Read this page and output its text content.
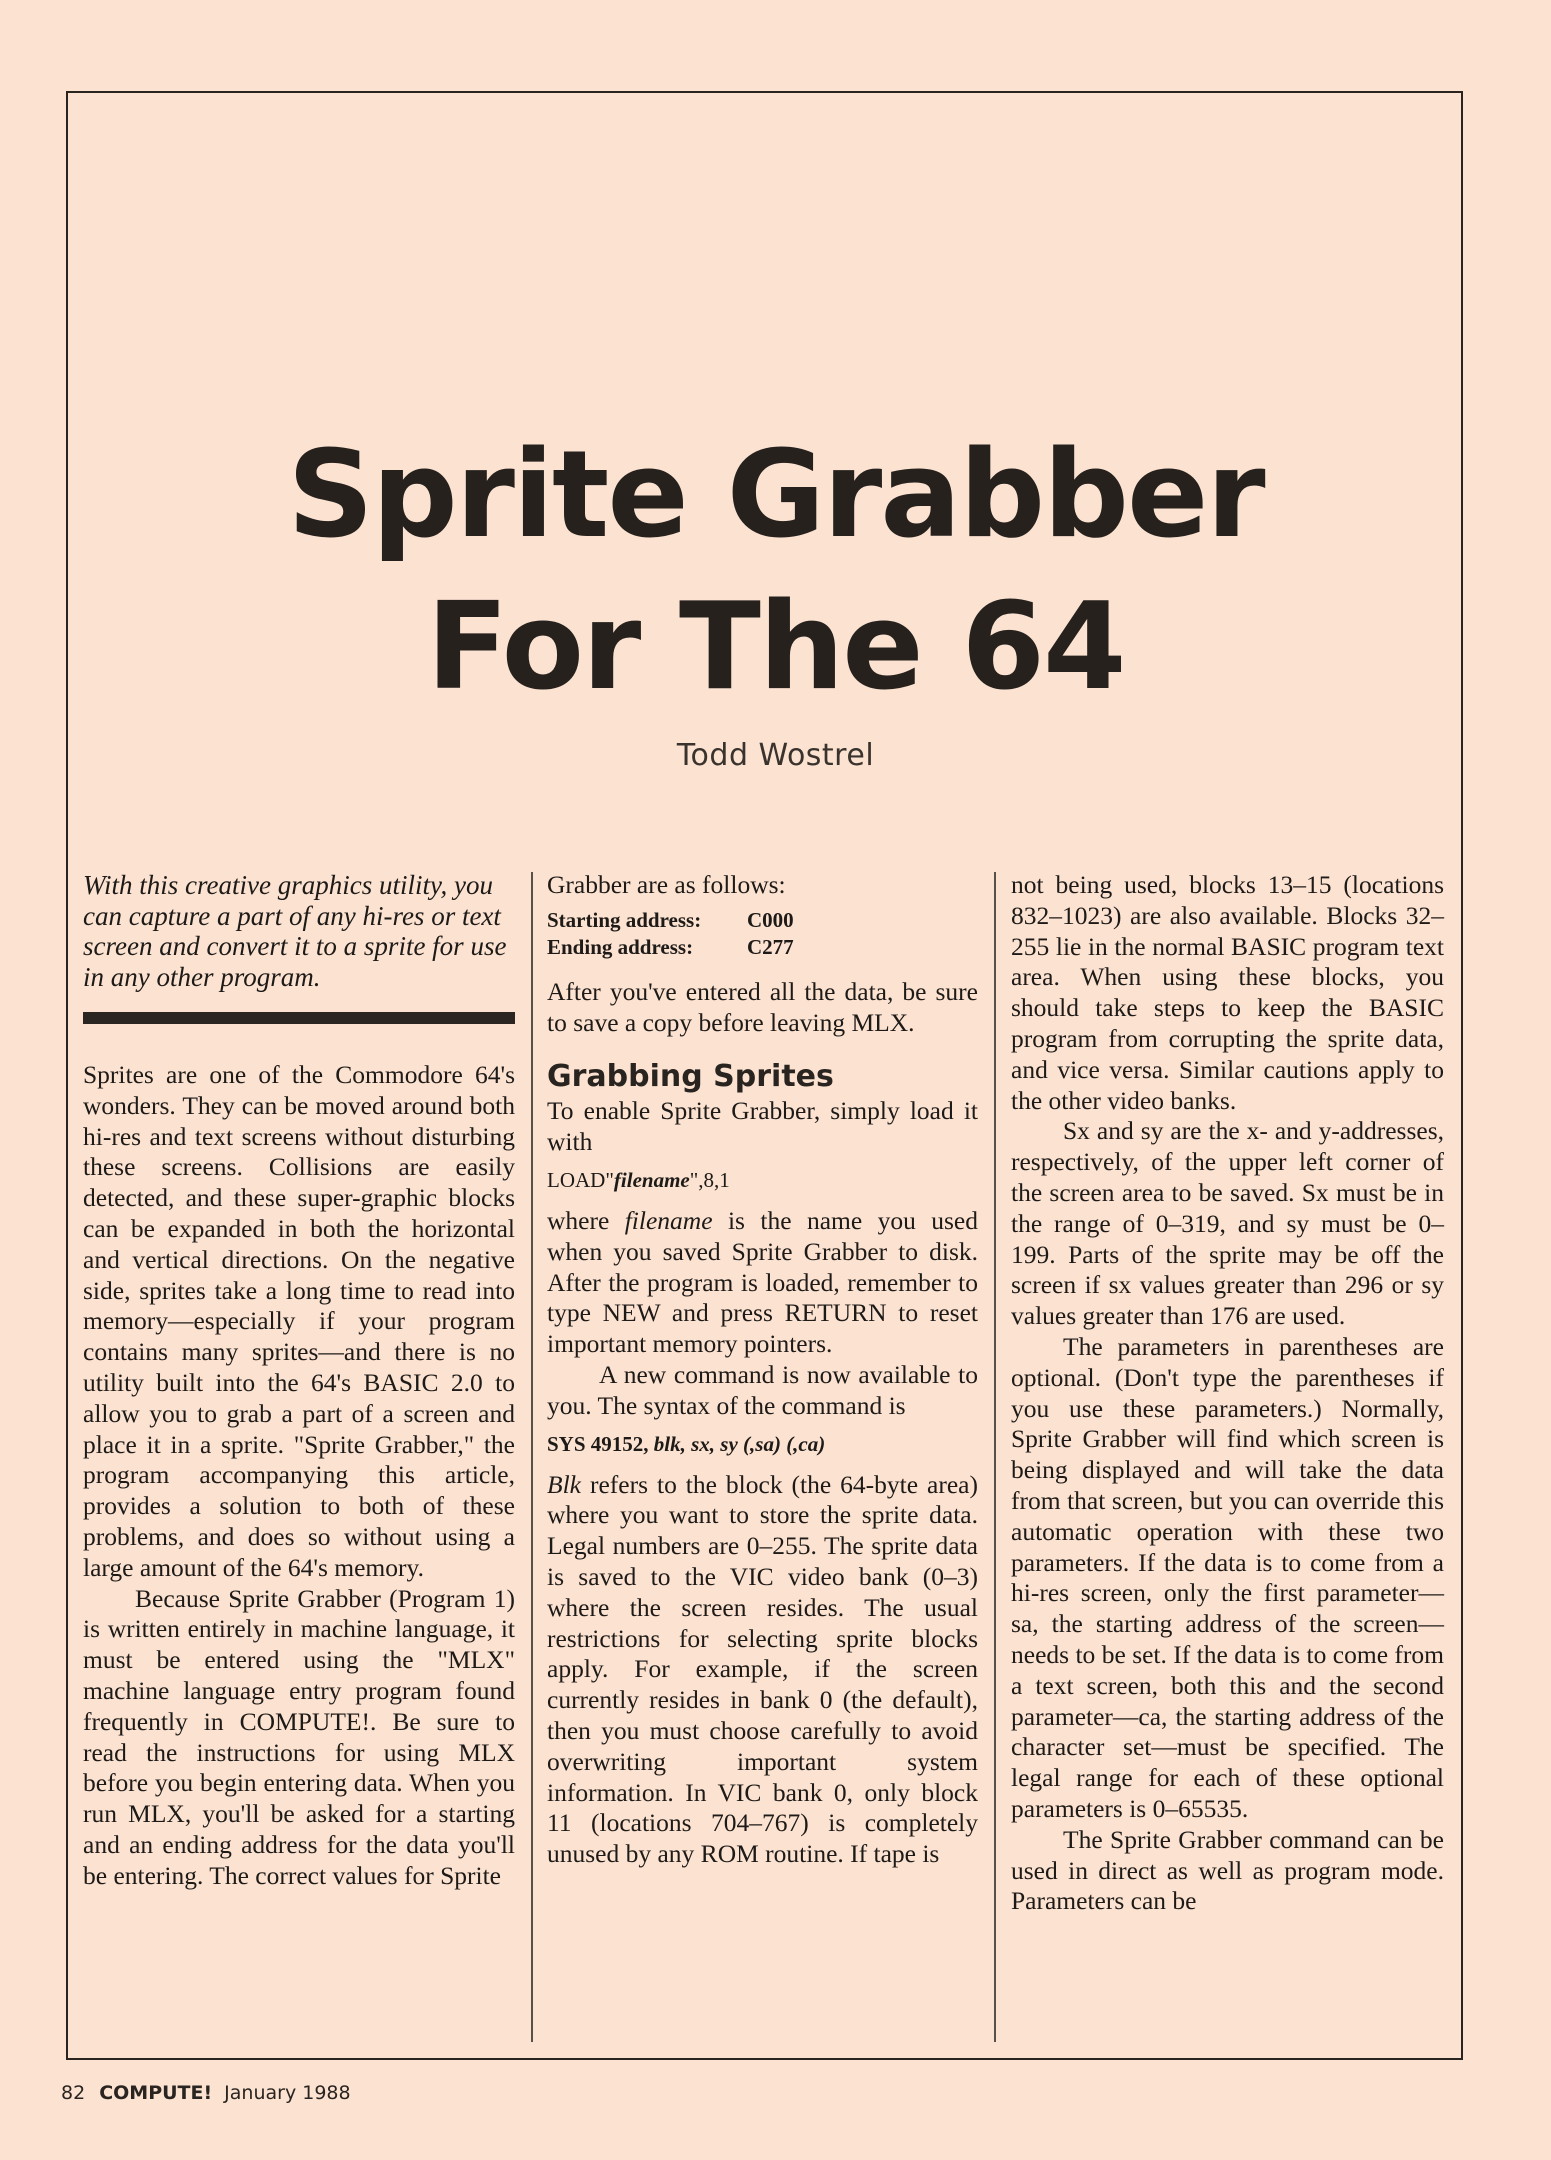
Sprite Grabber
For The 64
Todd Wostrel

With this creative graphics utility, you can capture a part of any hi-res or text screen and convert it to a sprite for use in any other program.

Sprites are one of the Commodore 64's wonders. They can be moved around both hi-res and text screens without disturbing these screens. Collisions are easily detected, and these super-graphic blocks can be expanded in both the horizontal and vertical directions. On the negative side, sprites take a long time to read into memory—especially if your program contains many sprites—and there is no utility built into the 64's BASIC 2.0 to allow you to grab a part of a screen and place it in a sprite. "Sprite Grabber," the program accompanying this article, provides a solution to both of these problems, and does so without using a large amount of the 64's memory.

Because Sprite Grabber (Program 1) is written entirely in machine language, it must be entered using the "MLX" machine language entry program found frequently in COMPUTE!. Be sure to read the instructions for using MLX before you begin entering data. When you run MLX, you'll be asked for a starting and an ending address for the data you'll be entering. The correct values for Sprite

Grabber are as follows:

Starting address: C000
Ending address:	C277

After you've entered all the data, be sure to save a copy before leaving MLX.

Grabbing Sprites

To enable Sprite Grabber, simply load it with

LOAD"filename",8,1

where filename is the name you used when you saved Sprite Grabber to disk. After the program is loaded, remember to type NEW and press RETURN to reset important memory pointers.

A new command is now available to you. The syntax of the command is

SYS 49152, blk, sx, sy (,sa) (,ca)

Blk refers to the block (the 64-byte area) where you want to store the sprite data. Legal numbers are 0–255. The sprite data is saved to the VIC video bank (0–3) where the screen resides. The usual restrictions for selecting sprite blocks apply. For example, if the screen currently resides in bank 0 (the default), then you must choose carefully to avoid overwriting important system information. In VIC bank 0, only block 11 (locations 704–767) is completely unused by any ROM routine. If tape is

not being used, blocks 13–15 (locations 832–1023) are also available. Blocks 32–255 lie in the normal BASIC program text area. When using these blocks, you should take steps to keep the BASIC program from corrupting the sprite data, and vice versa. Similar cautions apply to the other video banks.

Sx and sy are the x- and y-addresses, respectively, of the upper left corner of the screen area to be saved. Sx must be in the range of 0–319, and sy must be 0–199. Parts of the sprite may be off the screen if sx values greater than 296 or sy values greater than 176 are used.

The parameters in parentheses are optional. (Don't type the parentheses if you use these parameters.) Normally, Sprite Grabber will find which screen is being displayed and will take the data from that screen, but you can override this automatic operation with these two parameters. If the data is to come from a hi-res screen, only the first parameter—sa, the starting address of the screen—needs to be set. If the data is to come from a text screen, both this and the second parameter—ca, the starting address of the character set—must be specified. The legal range for each of these optional parameters is 0–65535.

The Sprite Grabber command can be used in direct as well as program mode. Parameters can be

82 COMPUTE! January 1988
